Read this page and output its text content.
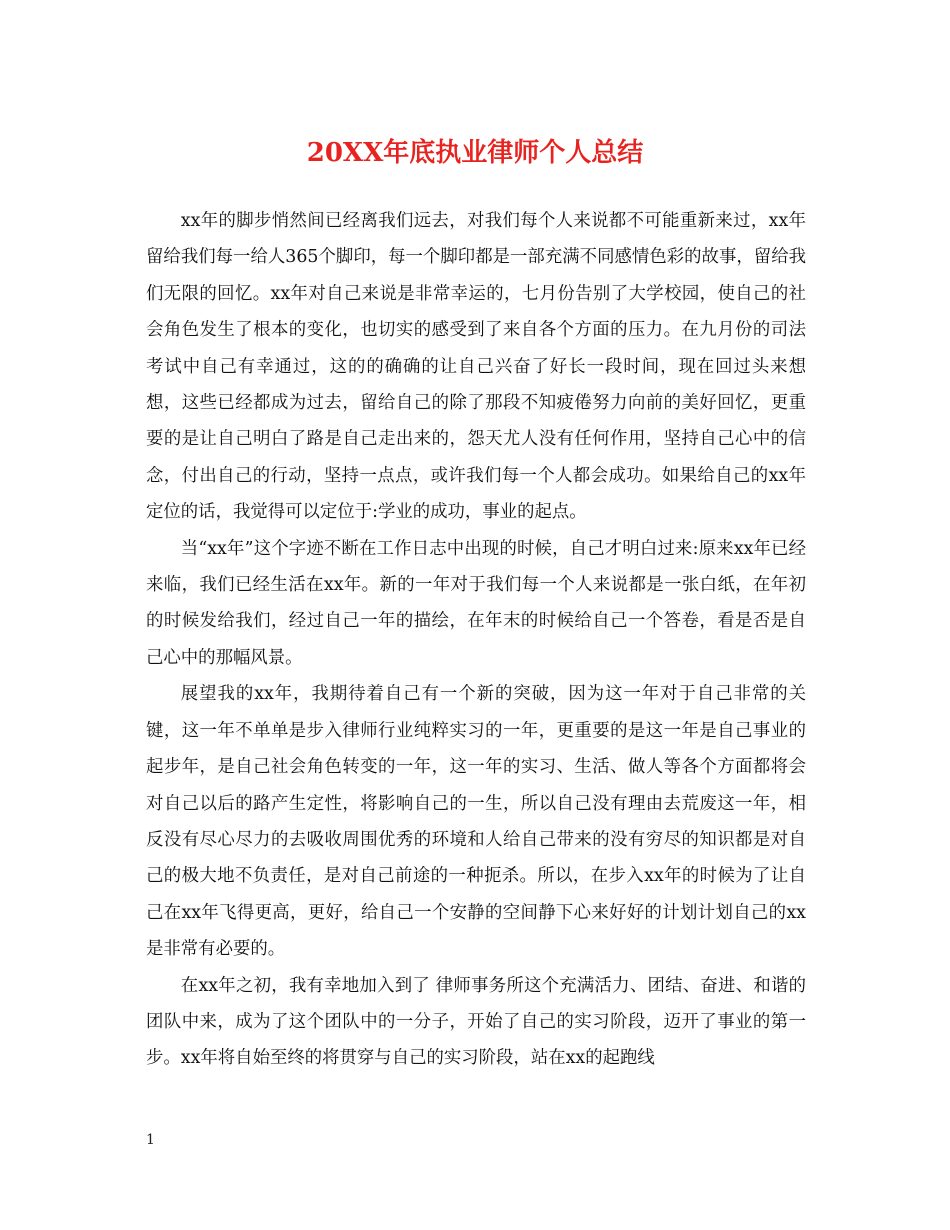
20XX年底执业律师个人总结

xx年的脚步悄然间已经离我们远去，对我们每个人来说都不可能重新来过，xx年留给我们每一给人365个脚印，每一个脚印都是一部充满不同感情色彩的故事，留给我们无限的回忆。xx年对自己来说是非常幸运的，七月份告别了大学校园，使自己的社会角色发生了根本的变化，也切实的感受到了来自各个方面的压力。在九月份的司法考试中自己有幸通过，这的的确确的让自己兴奋了好长一段时间，现在回过头来想想，这些已经都成为过去，留给自己的除了那段不知疲倦努力向前的美好回忆，更重要的是让自己明白了路是自己走出来的，怨天尤人没有任何作用，坚持自己心中的信念，付出自己的行动，坚持一点点，或许我们每一个人都会成功。如果给自己的xx年定位的话，我觉得可以定位于:学业的成功，事业的起点。

当“xx年”这个字迹不断在工作日志中出现的时候，自己才明白过来:原来xx年已经来临，我们已经生活在xx年。新的一年对于我们每一个人来说都是一张白纸，在年初的时候发给我们，经过自己一年的描绘，在年末的时候给自己一个答卷，看是否是自己心中的那幅风景。

展望我的xx年，我期待着自己有一个新的突破，因为这一年对于自己非常的关键，这一年不单单是步入律师行业纯粹实习的一年，更重要的是这一年是自己事业的起步年，是自己社会角色转变的一年，这一年的实习、生活、做人等各个方面都将会对自己以后的路产生定性，将影响自己的一生，所以自己没有理由去荒废这一年，相反没有尽心尽力的去吸收周围优秀的环境和人给自己带来的没有穷尽的知识都是对自己的极大地不负责任，是对自己前途的一种扼杀。所以，在步入xx年的时候为了让自己在xx年飞得更高，更好，给自己一个安静的空间静下心来好好的计划计划自己的xx是非常有必要的。

在xx年之初，我有幸地加入到了 律师事务所这个充满活力、团结、奋进、和谐的团队中来，成为了这个团队中的一分子，开始了自己的实习阶段，迈开了事业的第一步。xx年将自始至终的将贯穿与自己的实习阶段，站在xx的起跑线

1
